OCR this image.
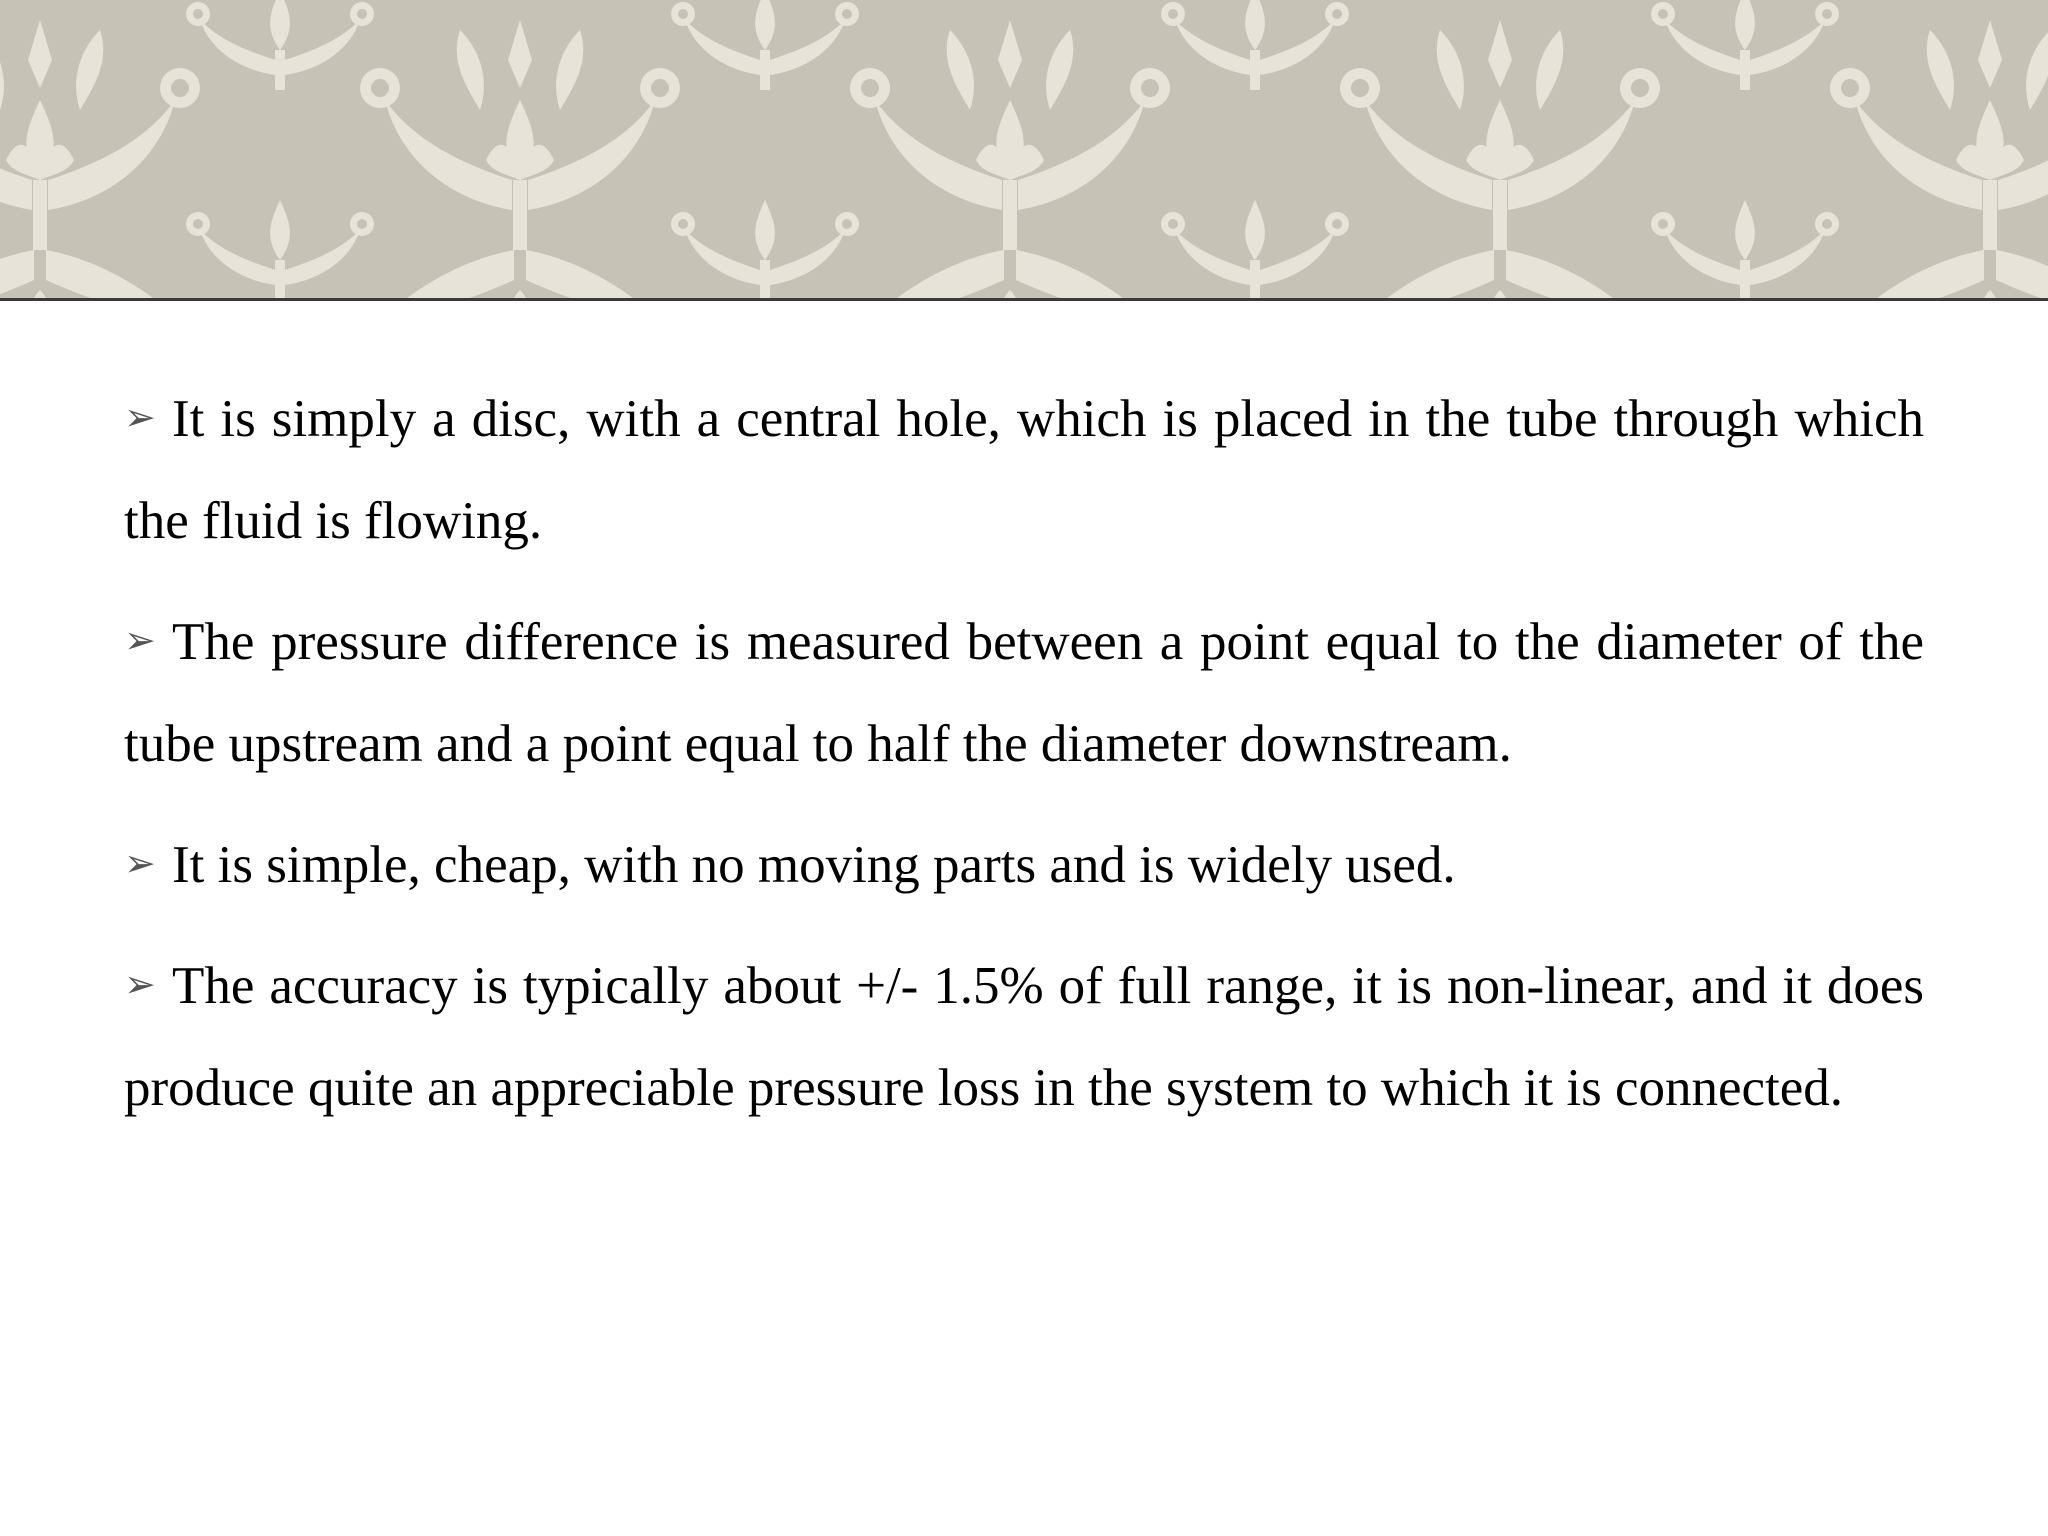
➢ It is simply a disc, with a central hole, which is placed in the tube through which the fluid is flowing.

➢ The pressure difference is measured between a point equal to the diameter of the tube upstream and a point equal to half the diameter downstream.

➢ It is simple, cheap, with no moving parts and is widely used.

➢ The accuracy is typically about +/- 1.5% of full range, it is non-linear, and it does produce quite an appreciable pressure loss in the system to which it is connected.
